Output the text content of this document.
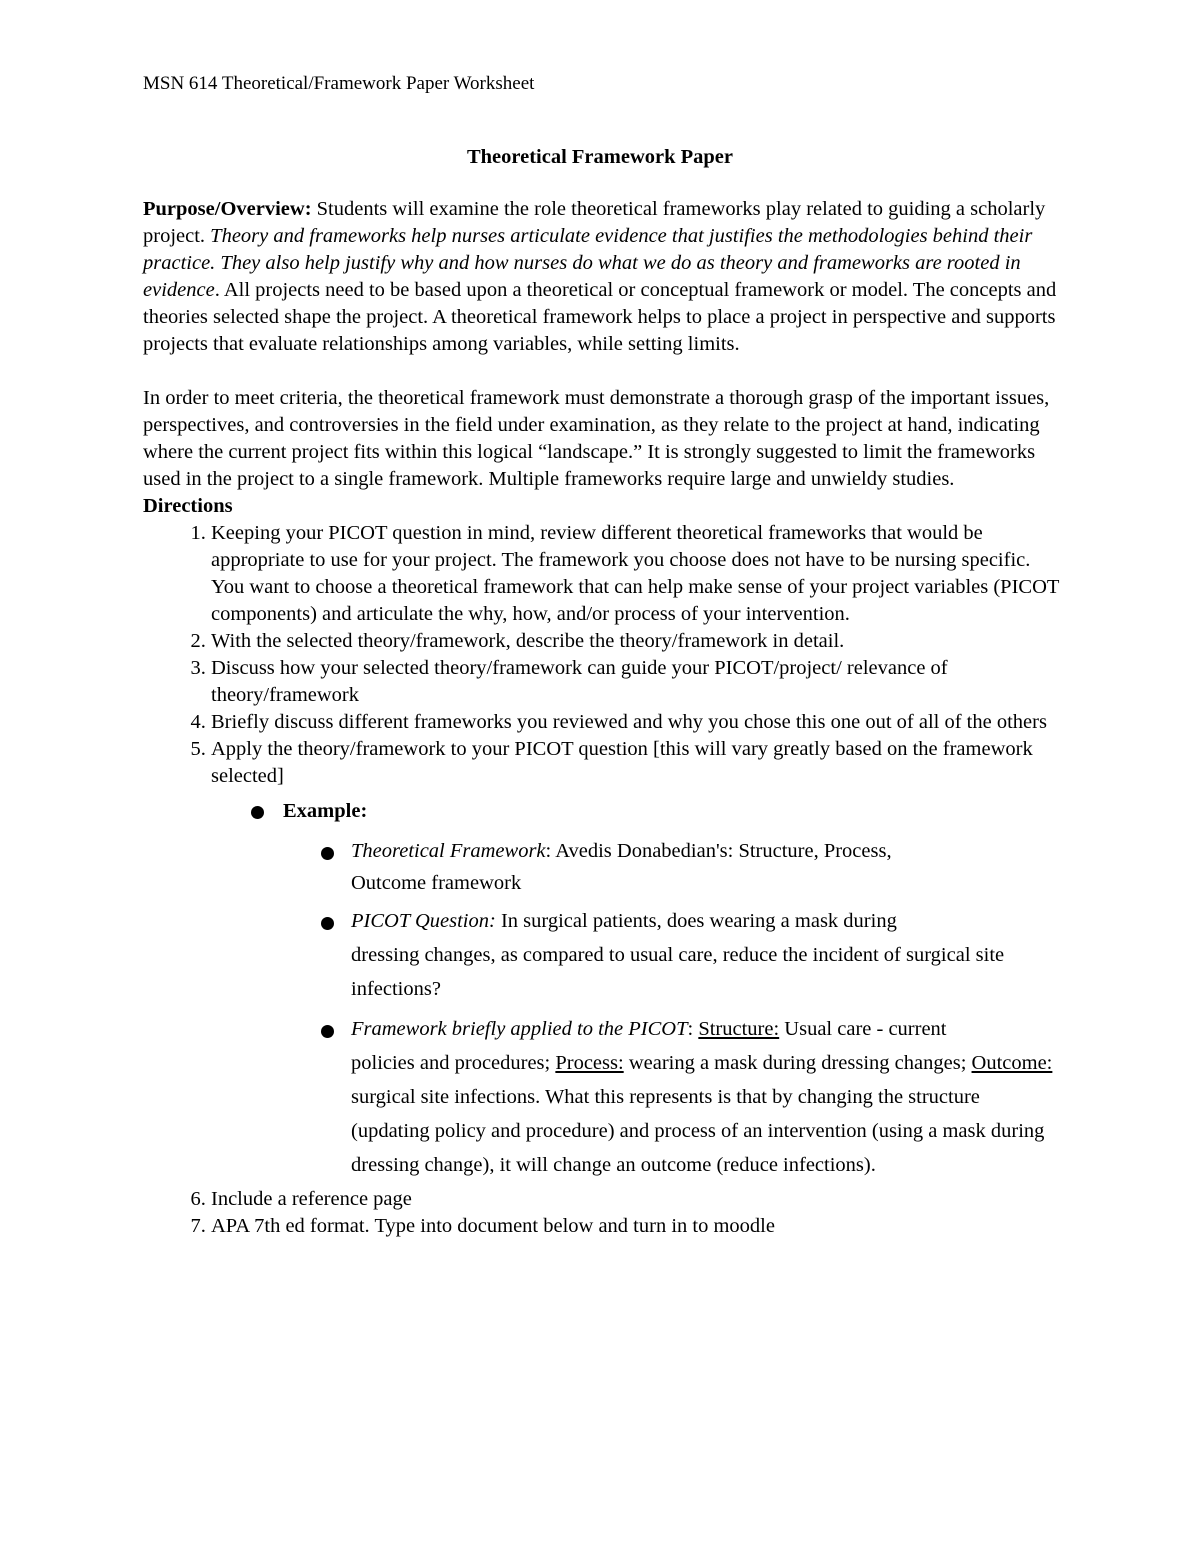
MSN 614 Theoretical/Framework Paper Worksheet
Theoretical Framework Paper

Purpose/Overview: Students will examine the role theoretical frameworks play related to guiding a scholarly project. Theory and frameworks help nurses articulate evidence that justifies the methodologies behind their practice. They also help justify why and how nurses do what we do as theory and frameworks are rooted in evidence. All projects need to be based upon a theoretical or conceptual framework or model. The concepts and theories selected shape the project. A theoretical framework helps to place a project in perspective and supports projects that evaluate relationships among variables, while setting limits.

In order to meet criteria, the theoretical framework must demonstrate a thorough grasp of the important issues, perspectives, and controversies in the field under examination, as they relate to the project at hand, indicating where the current project fits within this logical “landscape.” It is strongly suggested to limit the frameworks used in the project to a single framework. Multiple frameworks require large and unwieldy studies.

Directions
1. Keeping your PICOT question in mind, review different theoretical frameworks that would be appropriate to use for your project. The framework you choose does not have to be nursing specific. You want to choose a theoretical framework that can help make sense of your project variables (PICOT components) and articulate the why, how, and/or process of your intervention.
2. With the selected theory/framework, describe the theory/framework in detail.
3. Discuss how your selected theory/framework can guide your PICOT/project/ relevance of theory/framework
4. Briefly discuss different frameworks you reviewed and why you chose this one out of all of the others
5. Apply the theory/framework to your PICOT question [this will vary greatly based on the framework selected]
Example:
Theoretical Framework: Avedis Donabedian's: Structure, Process,
Outcome framework
PICOT Question: In surgical patients, does wearing a mask during
dressing changes, as compared to usual care, reduce the incident of surgical site infections?
Framework briefly applied to the PICOT: Structure: Usual care - current
policies and procedures; Process: wearing a mask during dressing changes; Outcome: surgical site infections. What this represents is that by changing the structure (updating policy and procedure) and process of an intervention (using a mask during dressing change), it will change an outcome (reduce infections).
6. Include a reference page
7. APA 7th ed format. Type into document below and turn in to moodle
